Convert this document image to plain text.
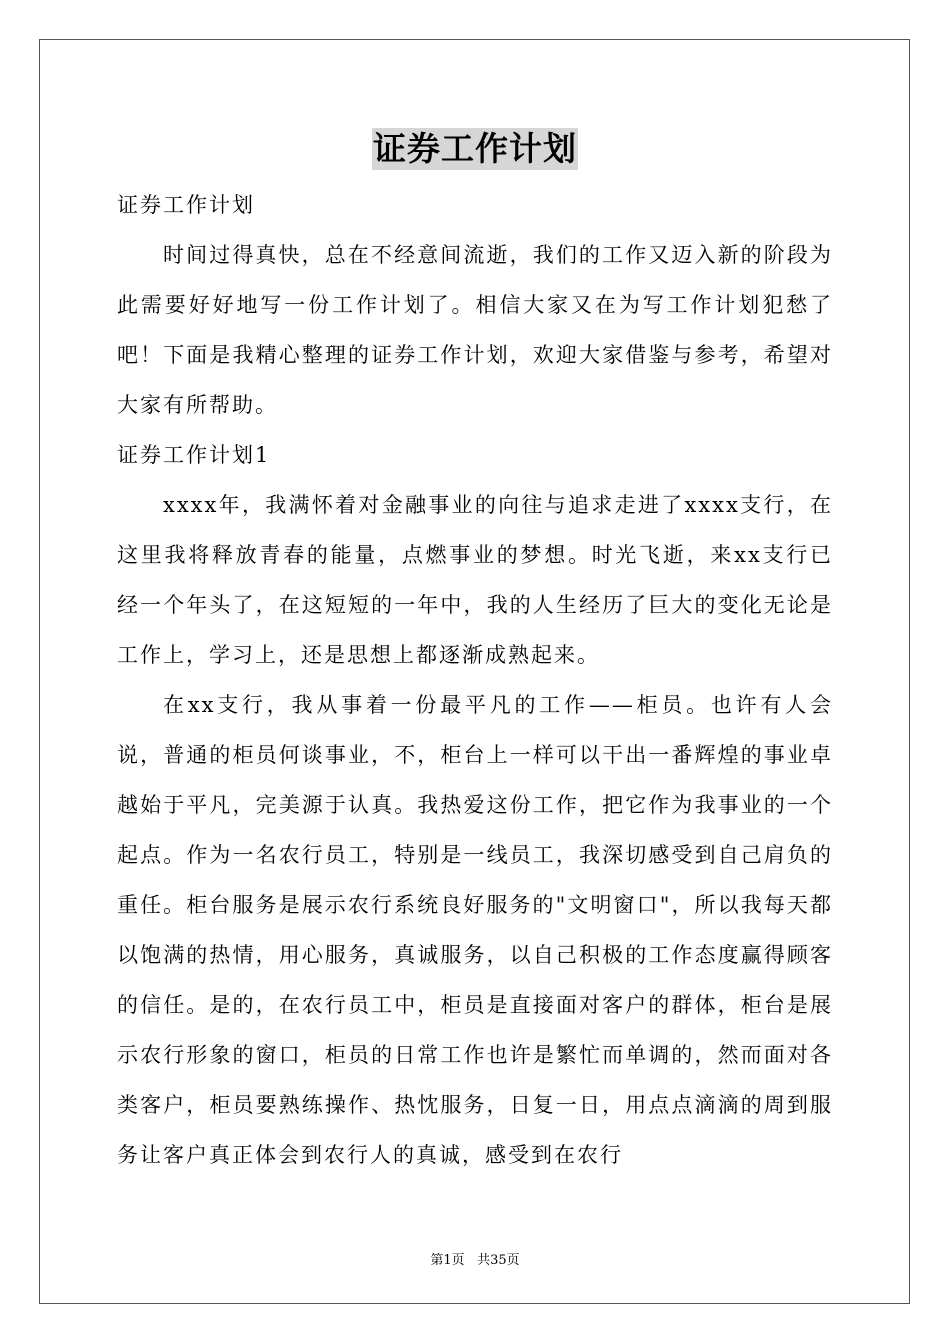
证券工作计划

证券工作计划

时间过得真快，总在不经意间流逝，我们的工作又迈入新的阶段为此需要好好地写一份工作计划了。相信大家又在为写工作计划犯愁了吧！下面是我精心整理的证券工作计划，欢迎大家借鉴与参考，希望对大家有所帮助。

证券工作计划1

xxxx年，我满怀着对金融事业的向往与追求走进了xxxx支行，在这里我将释放青春的能量，点燃事业的梦想。时光飞逝，来xx支行已经一个年头了，在这短短的一年中，我的人生经历了巨大的变化无论是工作上，学习上，还是思想上都逐渐成熟起来。

在xx支行，我从事着一份最平凡的工作——柜员。也许有人会说，普通的柜员何谈事业，不，柜台上一样可以干出一番辉煌的事业卓越始于平凡，完美源于认真。我热爱这份工作，把它作为我事业的一个起点。作为一名农行员工，特别是一线员工，我深切感受到自己肩负的重任。柜台服务是展示农行系统良好服务的"文明窗口"，所以我每天都以饱满的热情，用心服务，真诚服务，以自己积极的工作态度赢得顾客的信任。是的，在农行员工中，柜员是直接面对客户的群体，柜台是展示农行形象的窗口，柜员的日常工作也许是繁忙而单调的，然而面对各类客户，柜员要熟练操作、热忱服务，日复一日，用点点滴滴的周到服务让客户真正体会到农行人的真诚，感受到在农行

第1页 共35页
